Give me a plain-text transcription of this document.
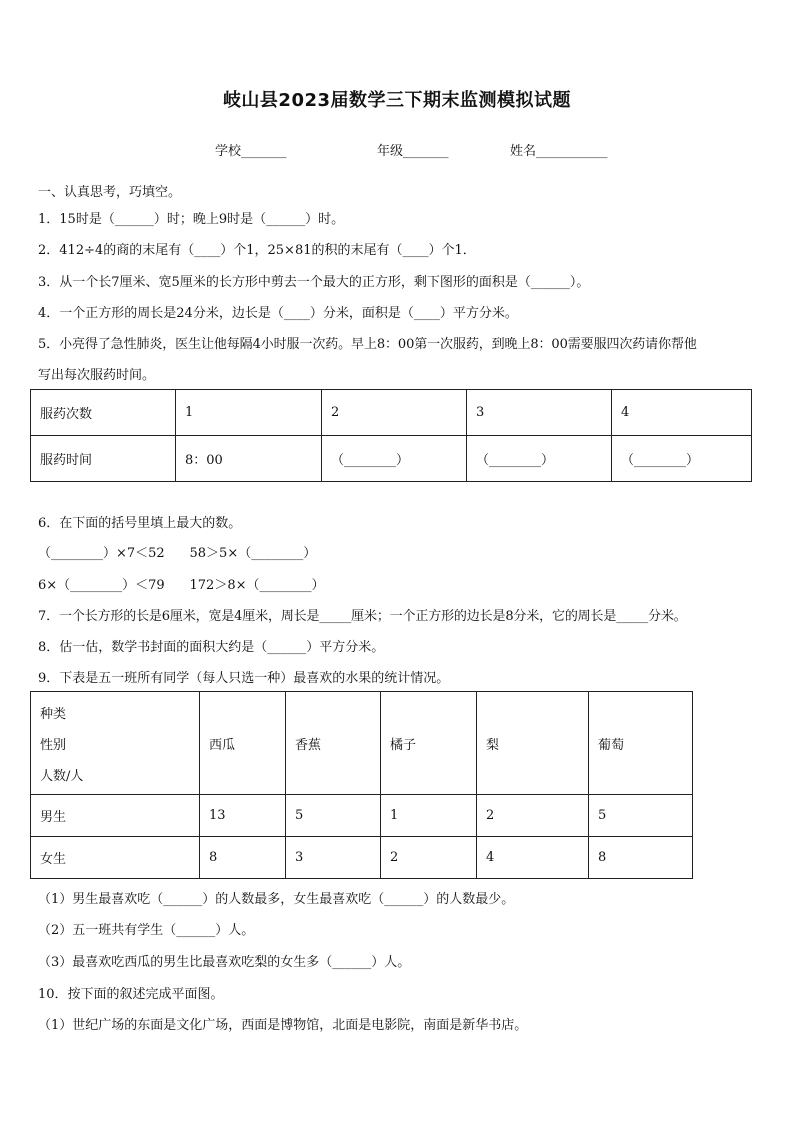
岐山县2023届数学三下期末监测模拟试题
学校_______	年级_______	姓名___________
一、认真思考，巧填空。
1．15时是（______）时；晚上9时是（______）时。
2．412÷4的商的末尾有（____）个1，25×81的积的末尾有（____）个1．
3．从一个长7厘米、宽5厘米的长方形中剪去一个最大的正方形，剩下图形的面积是（______）。
4．一个正方形的周长是24分米，边长是（____）分米，面积是（____）平方分米。
5．小亮得了急性肺炎，医生让他每隔4小时服一次药。早上8：00第一次服药，到晚上8：00需要服四次药请你帮他
写出每次服药时间。
服药次数	1	2	3	4
服药时间	8：00	（________）	（________）	（________）
6．在下面的括号里填上最大的数。
（________）×7＜52      58＞5×（________）
6×（________）＜79      172＞8×（________）
7．一个长方形的长是6厘米，宽是4厘米，周长是_____厘米；一个正方形的边长是8分米，它的周长是_____分米。
8．估一估，数学书封面的面积大约是（______）平方分米。
9．下表是五一班所有同学（每人只选一种）最喜欢的水果的统计情况。
种类
性别
人数/人	西瓜	香蕉	橘子	梨	葡萄
男生	13	5	1	2	5
女生	8	3	2	4	8
（1）男生最喜欢吃（______）的人数最多，女生最喜欢吃（______）的人数最少。
（2）五一班共有学生（______）人。
（3）最喜欢吃西瓜的男生比最喜欢吃梨的女生多（______）人。
10．按下面的叙述完成平面图。
（1）世纪广场的东面是文化广场，西面是博物馆，北面是电影院，南面是新华书店。
